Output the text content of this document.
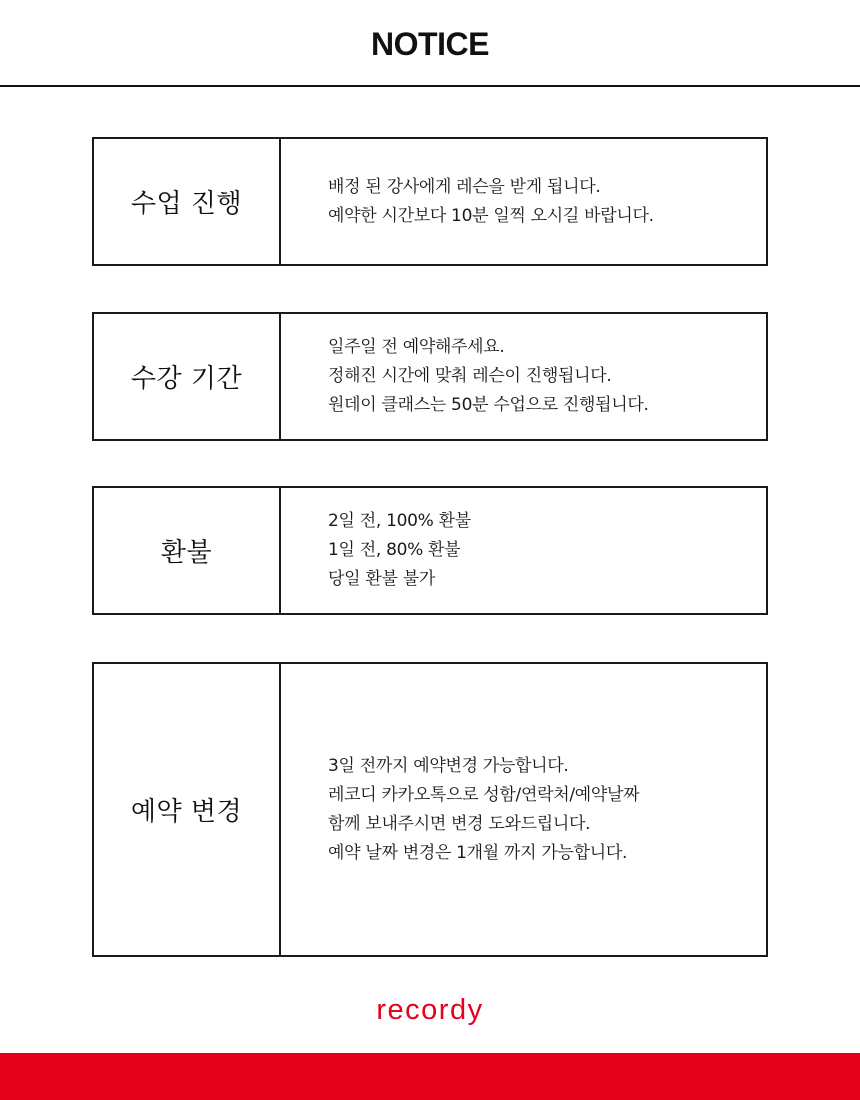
NOTICE
수업 진행
배정 된 강사에게 레슨을 받게 됩니다.
예약한 시간보다 10분 일찍 오시길 바랍니다.
수강 기간
일주일 전 예약해주세요.
정해진 시간에 맞춰 레슨이 진행됩니다.
원데이 클래스는 50분 수업으로 진행됩니다.
환불
2일 전, 100% 환불
1일 전, 80% 환불
당일 환불 불가
예약 변경
3일 전까지 예약변경 가능합니다.
레코디 카카오톡으로 성함/연락처/예약날짜
함께 보내주시면 변경 도와드립니다.
예약 날짜 변경은 1개월 까지 가능합니다.
recordy
